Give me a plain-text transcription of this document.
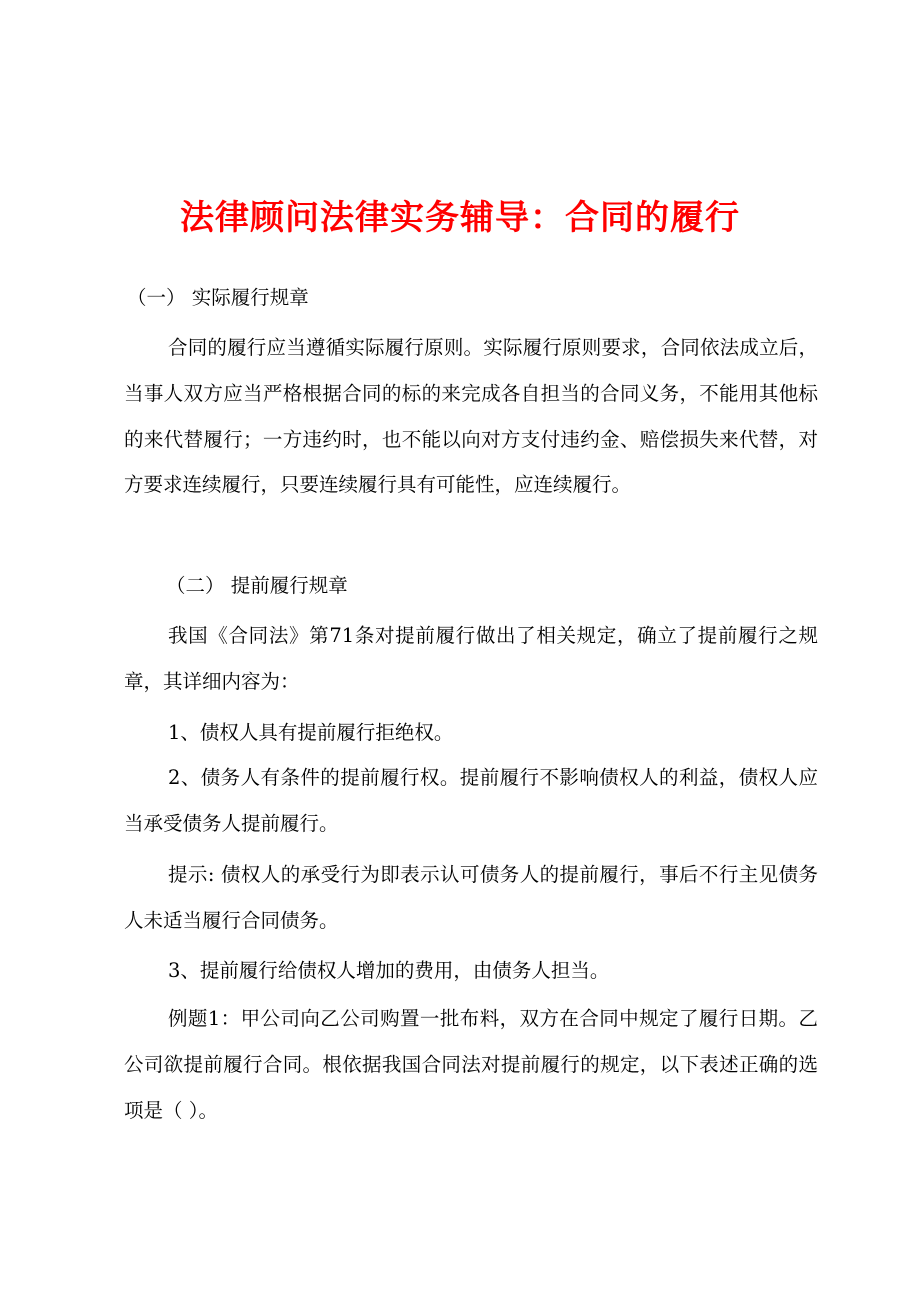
法律顾问法律实务辅导：合同的履行

（一） 实际履行规章

合同的履行应当遵循实际履行原则。实际履行原则要求，合同依法成立后，当事人双方应当严格根据合同的标的来完成各自担当的合同义务，不能用其他标的来代替履行；一方违约时，也不能以向对方支付违约金、赔偿损失来代替，对方要求连续履行，只要连续履行具有可能性，应连续履行。

（二） 提前履行规章

我国《合同法》第71条对提前履行做出了相关规定，确立了提前履行之规章，其详细内容为：

1、债权人具有提前履行拒绝权。

2、债务人有条件的提前履行权。提前履行不影响债权人的利益，债权人应当承受债务人提前履行。

提示: 债权人的承受行为即表示认可债务人的提前履行，事后不行主见债务人未适当履行合同债务。

3、提前履行给债权人增加的费用，由债务人担当。

例题1：甲公司向乙公司购置一批布料，双方在合同中规定了履行日期。乙公司欲提前履行合同。根依据我国合同法对提前履行的规定，以下表述正确的选项是（ ）。
